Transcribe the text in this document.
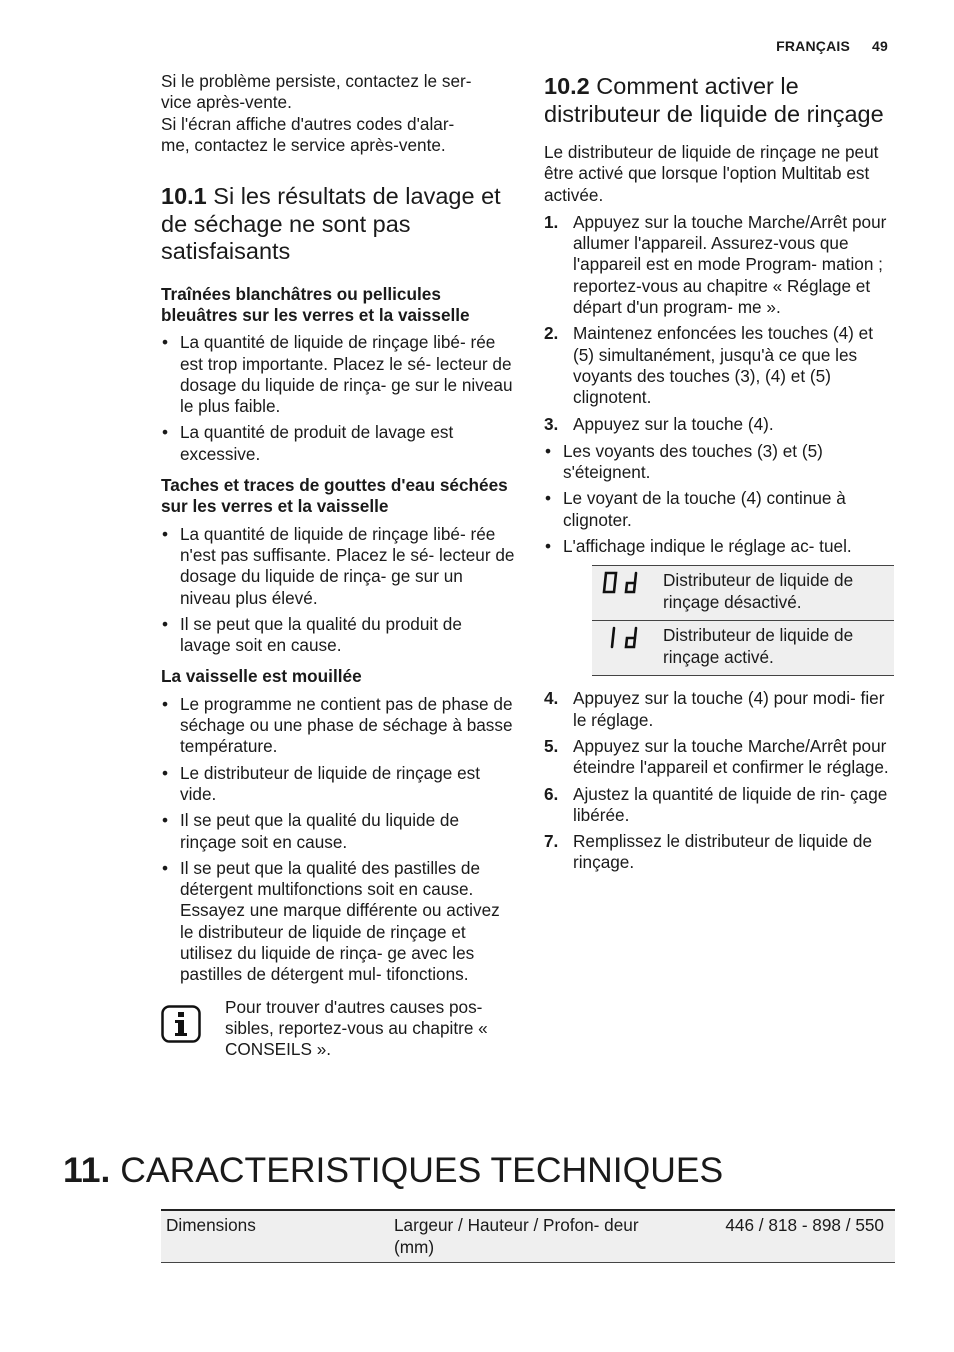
FRANÇAIS 49

Si le problème persiste, contactez le ser-

vice après-vente.

Si l'écran affiche d'autres codes d'alar-

me, contactez le service après-vente.

10.1 Si les résultats de lavage et de séchage ne sont pas satisfaisants

Traînées blanchâtres ou pellicules bleuâtres sur les verres et la vaisselle

• La quantité de liquide de rinçage libé- rée est trop importante. Placez le sé- lecteur de dosage du liquide de rinça- ge sur le niveau le plus faible.
• La quantité de produit de lavage est excessive.

Taches et traces de gouttes d'eau séchées sur les verres et la vaisselle

• La quantité de liquide de rinçage libé- rée n'est pas suffisante. Placez le sé- lecteur de dosage du liquide de rinça- ge sur un niveau plus élevé.
• Il se peut que la qualité du produit de lavage soit en cause.

La vaisselle est mouillée

• Le programme ne contient pas de phase de séchage ou une phase de séchage à basse température.
• Le distributeur de liquide de rinçage est vide.
• Il se peut que la qualité du liquide de rinçage soit en cause.
• Il se peut que la qualité des pastilles de détergent multifonctions soit en cause. Essayez une marque différente ou activez le distributeur de liquide de rinçage et utilisez du liquide de rinça- ge avec les pastilles de détergent mul- tifonctions.
Pour trouver d'autres causes pos- sibles, reportez-vous au chapitre « CONSEILS ».
10.2 Comment activer le distributeur de liquide de rinçage

Le distributeur de liquide de rinçage ne peut être activé que lorsque l'option Multitab est activée.

1. Appuyez sur la touche Marche/Arrêt pour allumer l'appareil. Assurez-vous que l'appareil est en mode Program- mation ; reportez-vous au chapitre « Réglage et départ d'un program- me ».
2. Maintenez enfoncées les touches (4) et (5) simultanément, jusqu'à ce que les voyants des touches (3), (4) et (5) clignotent.
3. Appuyez sur la touche (4).
• Les voyants des touches (3) et (5) s'éteignent.
• Le voyant de la touche (4) continue à clignoter.
• L'affichage indique le réglage ac- tuel.
Distributeur de liquide de rinçage désactivé.
Distributeur de liquide de rinçage activé.
4. Appuyez sur la touche (4) pour modi- fier le réglage.
5. Appuyez sur la touche Marche/Arrêt pour éteindre l'appareil et confirmer le réglage.
6. Ajustez la quantité de liquide de rin- çage libérée.
7. Remplissez le distributeur de liquide de rinçage.
11. CARACTERISTIQUES TECHNIQUES
Dimensions	Largeur / Hauteur / Profon- deur (mm)
446 / 818 - 898 / 550
